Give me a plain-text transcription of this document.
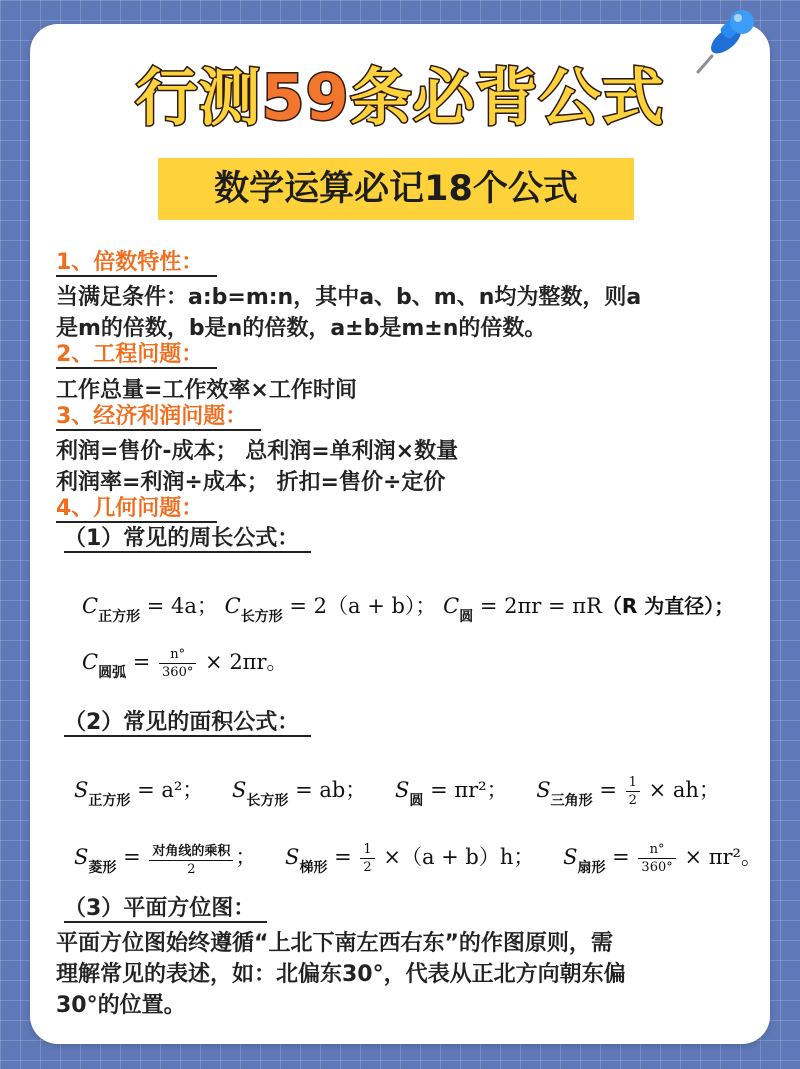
行测59条必背公式
数学运算必记18个公式
1、倍数特性：
当满足条件：a:b=m:n，其中a、b、m、n均为整数，则a
是m的倍数，b是n的倍数，a±b是m±n的倍数。
2、工程问题：
工作总量=工作效率×工作时间
3、经济利润问题：
利润=售价-成本； 总利润=单利润×数量
利润率=利润÷成本； 折扣=售价÷定价
4、几何问题：
（1）常见的周长公式：
$C_{正方形} = 4a$； $C_{长方形} = 2(a + b)$； $C_圆 = 2\pi r = \pi R(R$ 为直径）；
$C_{圆弧} = \frac{n^\circ}{360^\circ} \times 2\pi r$。
（2）常见的面积公式：
$S_{正方形} = a^2$； $S_{长方形}$ = ab； $S_圆 = \pi r^2$； $S_{三角形} = \frac{1}{2}$ × ah；
$S_{菱形} = \frac{\text{对角线的乘积}}{2}$ ； $S_{梯形} = \frac{1}{2} \times(a + b)h$； $S_{扇形} = \frac{n^\circ}{360^\circ} \times \pi r^2$。
（3）平面方位图：
平面方位图始终遵循“上北下南左西右东”的作图原则，需
理解常见的表述，如：北偏东30°，代表从正北方向朝东偏
30°的位置。
